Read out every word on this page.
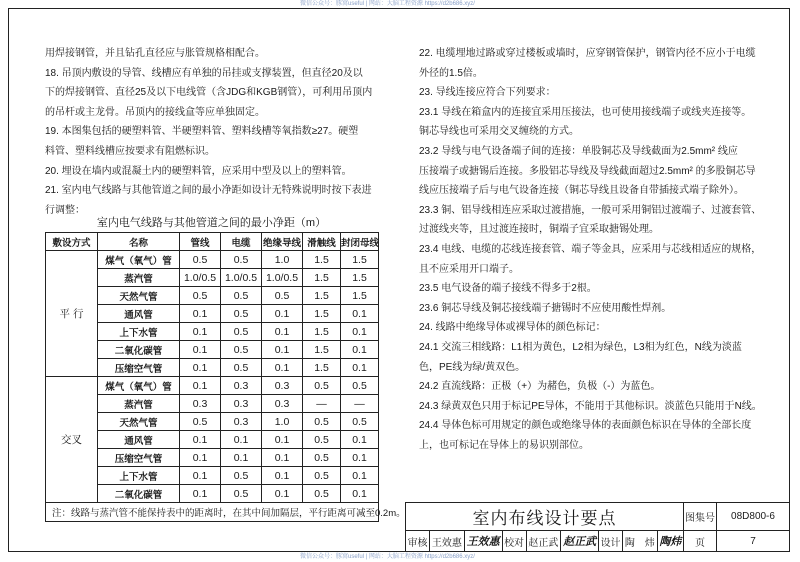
微信公众号：豚窝useful | 网站：大脑工程资源 https://d2b686.xyz/
微信公众号：豚窝useful | 网站：大脑工程资源 https://d2b686.xyz/
用焊接钢管，并且钻孔直径应与胀管规格相配合。
18. 吊顶内敷设的导管、线槽应有单独的吊挂或支撑装置，但直径20及以
下的焊接钢管、直径25及以下电线管（含JDG和KGB钢管），可利用吊顶内
的吊杆或主龙骨。吊顶内的接线盒等应单独固定。
19. 本图集包括的硬塑料管、半硬塑料管、塑料线槽等氧指数≥27。硬塑
料管、塑料线槽应按要求有阻燃标识。
20. 埋设在墙内或混凝土内的硬塑料管，应采用中型及以上的塑料管。
21. 室内电气线路与其他管道之间的最小净距如设计无特殊说明时按下表进
行调整：
室内电气线路与其他管道之间的最小净距（m）
敷设方式	名称	管线	电缆	绝缘导线	滑触线	封闭母线
平 行	煤气（氧气）管	0.5	0.5	1.0	1.5	1.5
	蒸汽管	1.0/0.5	1.0/0.5	1.0/0.5	1.5	1.5
	天然气管	0.5	0.5	0.5	1.5	1.5
	通风管	0.1	0.5	0.1	1.5	0.1
	上下水管	0.1	0.5	0.1	1.5	0.1
	二氧化碳管	0.1	0.5	0.1	1.5	0.1
	压缩空气管	0.1	0.5	0.1	1.5	0.1
交叉	煤气（氧气）管	0.1	0.3	0.3	0.5	0.5
	蒸汽管	0.3	0.3	0.3	—	—
	天然气管	0.5	0.3	1.0	0.5	0.5
	通风管	0.1	0.1	0.1	0.5	0.1
	压缩空气管	0.1	0.1	0.1	0.5	0.1
	上下水管	0.1	0.5	0.1	0.5	0.1
	二氧化碳管	0.1	0.5	0.1	0.5	0.1
注：线路与蒸汽管不能保持表中的距离时，在其中间加隔层，平行距离可减至0.2m。						
22. 电缆埋地过路或穿过楼板或墙时，应穿钢管保护，钢管内径不应小于电缆
外径的1.5倍。
23. 导线连接应符合下列要求：
23.1 导线在箱盒内的连接宜采用压接法，也可使用接线端子或线夹连接等。
铜芯导线也可采用交叉缠绕的方式。
23.2 导线与电气设备端子间的连接：单股铜芯及导线截面为2.5mm² 线应
压接端子或搪锡后连接。多股铝芯导线及导线截面超过2.5mm² 的多股铜芯导
线应压接端子后与电气设备连接（铜芯导线且设备自带插接式端子除外）。
23.3 铜、铝导线相连应采取过渡措施，一般可采用铜铝过渡端子、过渡套管、
过渡线夹等，且过渡连接时，铜端子宜采取搪锡处理。
23.4 电线、电缆的芯线连接套管、端子等金具，应采用与芯线相适应的规格，
且不应采用开口端子。
23.5 电气设备的端子接线不得多于2根。
23.6 铜芯导线及铜芯接线端子搪锡时不应使用酸性焊剂。
24. 线路中绝缘导体或裸导体的颜色标记：
24.1 交流三相线路：L1相为黄色，L2相为绿色，L3相为红色，N线为淡蓝
色，PE线为绿/黄双色。
24.2 直流线路：正极（+）为赭色，负极（-）为蓝色。
24.3 绿黄双色只用于标记PE导体，不能用于其他标识。淡蓝色只能用于N线。
24.4 导体色标可用规定的颜色或绝缘导体的表面颜色标识在导体的全部长度
上，也可标记在导体上的易识别部位。
室内布线设计要点									图集号	08D800-6
审核	王效惠	王效惠	校对	赵正武	赵正武	设计	陶　炜	陶炜	页	7
